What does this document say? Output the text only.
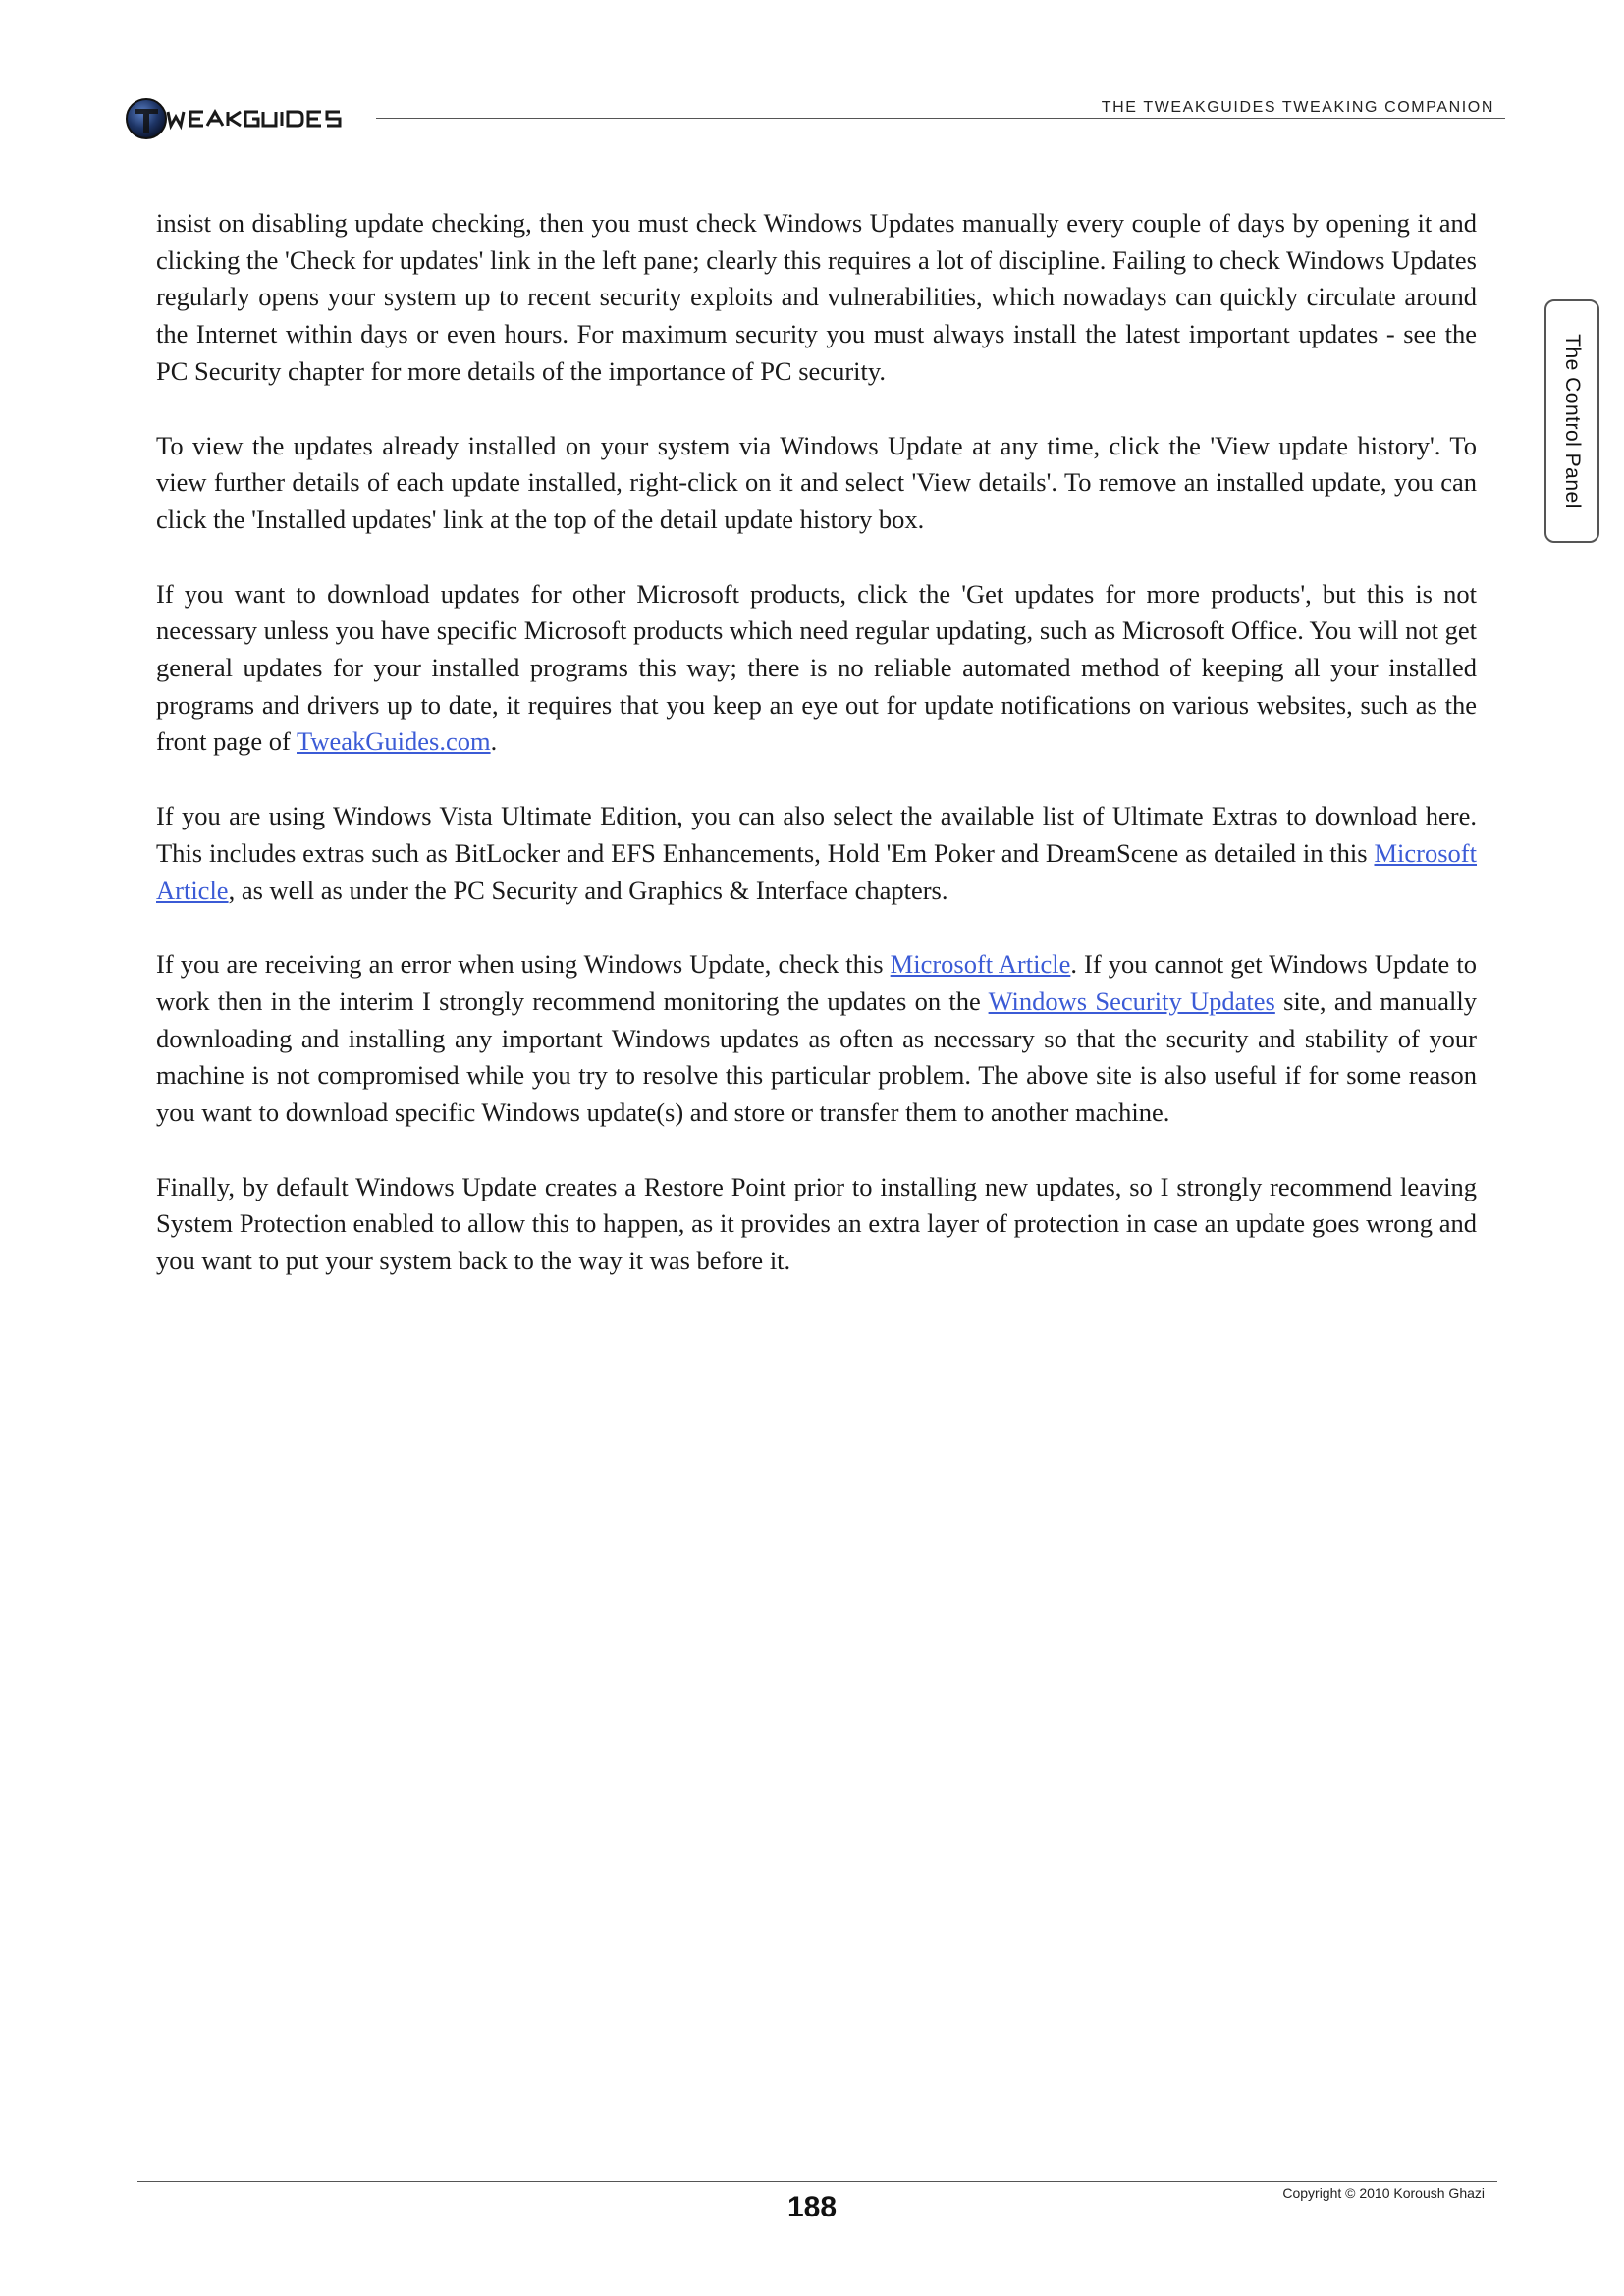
THE TWEAKGUIDES TWEAKING COMPANION
The Control Panel

insist on disabling update checking, then you must check Windows Updates manually every couple of days by opening it and clicking the 'Check for updates' link in the left pane; clearly this requires a lot of discipline. Failing to check Windows Updates regularly opens your system up to recent security exploits and vulnerabilities, which nowadays can quickly circulate around the Internet within days or even hours. For maximum security you must always install the latest important updates - see the PC Security chapter for more details of the importance of PC security.

To view the updates already installed on your system via Windows Update at any time, click the 'View update history'. To view further details of each update installed, right-click on it and select 'View details'. To remove an installed update, you can click the 'Installed updates' link at the top of the detail update history box.

If you want to download updates for other Microsoft products, click the 'Get updates for more products', but this is not necessary unless you have specific Microsoft products which need regular updating, such as Microsoft Office. You will not get general updates for your installed programs this way; there is no reliable automated method of keeping all your installed programs and drivers up to date, it requires that you keep an eye out for update notifications on various websites, such as the front page of TweakGuides.com.

If you are using Windows Vista Ultimate Edition, you can also select the available list of Ultimate Extras to download here. This includes extras such as BitLocker and EFS Enhancements, Hold 'Em Poker and DreamScene as detailed in this Microsoft Article, as well as under the PC Security and Graphics & Interface chapters.

If you are receiving an error when using Windows Update, check this Microsoft Article. If you cannot get Windows Update to work then in the interim I strongly recommend monitoring the updates on the Windows Security Updates site, and manually downloading and installing any important Windows updates as often as necessary so that the security and stability of your machine is not compromised while you try to resolve this particular problem. The above site is also useful if for some reason you want to download specific Windows update(s) and store or transfer them to another machine.

Finally, by default Windows Update creates a Restore Point prior to installing new updates, so I strongly recommend leaving System Protection enabled to allow this to happen, as it provides an extra layer of protection in case an update goes wrong and you want to put your system back to the way it was before it.

188	Copyright © 2010 Koroush Ghazi
